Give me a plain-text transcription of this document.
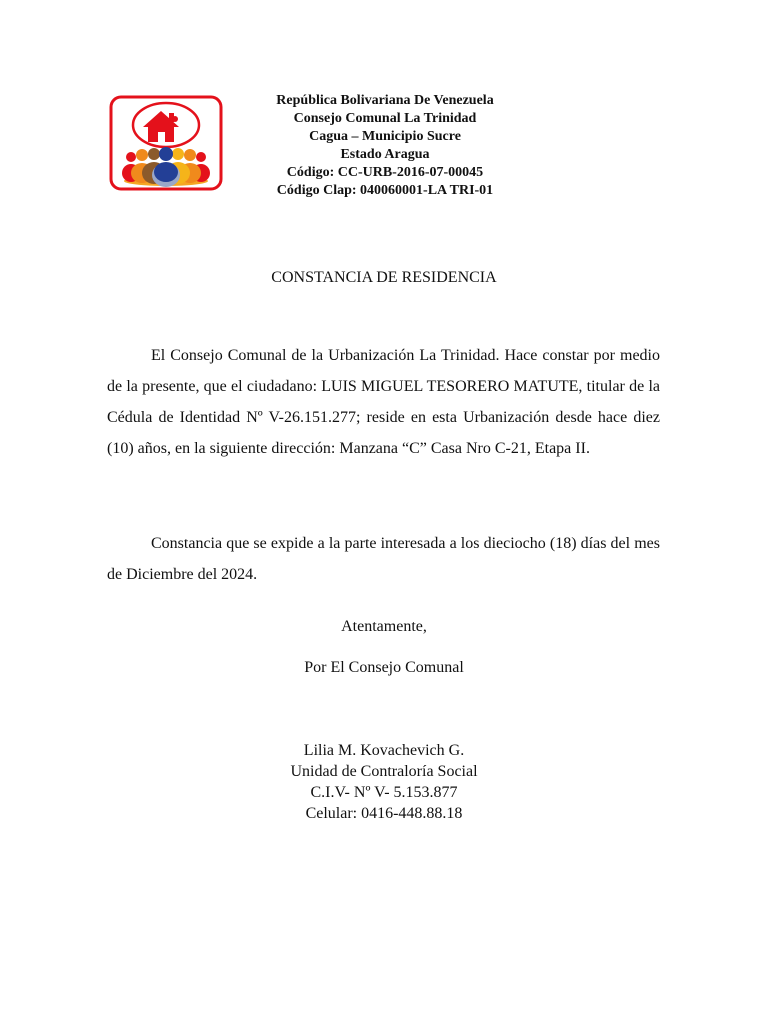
República Bolivariana De Venezuela
Consejo Comunal La Trinidad
Cagua – Municipio Sucre
Estado Aragua
Código: CC-URB-2016-07-00045
Código Clap: 040060001-LA TRI-01
CONSTANCIA DE RESIDENCIA

El Consejo Comunal de la Urbanización La Trinidad. Hace constar por medio de la presente, que el ciudadano: LUIS MIGUEL TESORERO MATUTE, titular de la Cédula de Identidad Nº V-26.151.277; reside en esta Urbanización desde hace diez (10) años, en la siguiente dirección: Manzana “C” Casa Nro C-21, Etapa II.

Constancia que se expide a la parte interesada a los dieciocho (18) días del mes de Diciembre del 2024.

Atentamente,
Por El Consejo Comunal
Lilia M. Kovachevich G.
Unidad de Contraloría Social
C.I.V- Nº V- 5.153.877
Celular: 0416-448.88.18
